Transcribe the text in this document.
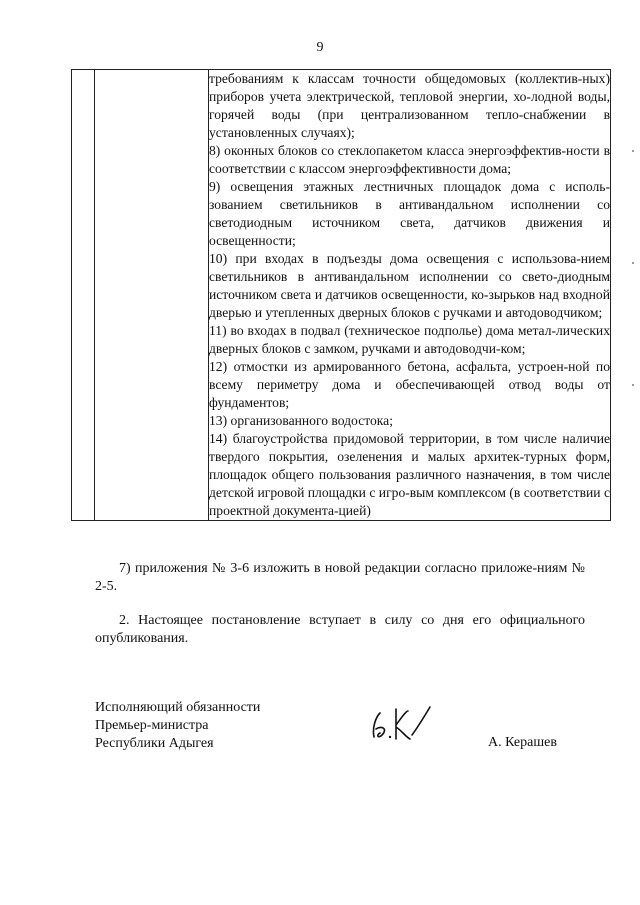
9

требованиям к классам точности общедомовых (коллектив-ных) приборов учета электрической, тепловой энергии, хо-лодной воды, горячей воды (при централизованном тепло-снабжении в установленных случаях);

8) оконных блоков со стеклопакетом класса энергоэффектив-ности в соответствии с классом энергоэффективности дома;

9) освещения этажных лестничных площадок дома с исполь-зованием светильников в антивандальном исполнении со светодиодным источником света, датчиков движения и освещенности;

10) при входах в подъезды дома освещения с использова-нием светильников в антивандальном исполнении со свето-диодным источником света и датчиков освещенности, ко-зырьков над входной дверью и утепленных дверных блоков с ручками и автодоводчиком;

11) во входах в подвал (техническое подполье) дома метал-лических дверных блоков с замком, ручками и автодоводчи-ком;

12) отмостки из армированного бетона, асфальта, устроен-ной по всему периметру дома и обеспечивающей отвод воды от фундаментов;

13) организованного водостока;

14) благоустройства придомовой территории, в том числе наличие твердого покрытия, озеленения и малых архитек-турных форм, площадок общего пользования различного назначения, в том числе детской игровой площадки с игро-вым комплексом (в соответствии с проектной документа-цией)

7) приложения № 3-6 изложить в новой редакции согласно приложе-ниям № 2-5.

2. Настоящее постановление вступает в силу со дня его официального опубликования.

Исполняющий обязанности
Премьер-министра
Республики Адыгея	А. Керашев
